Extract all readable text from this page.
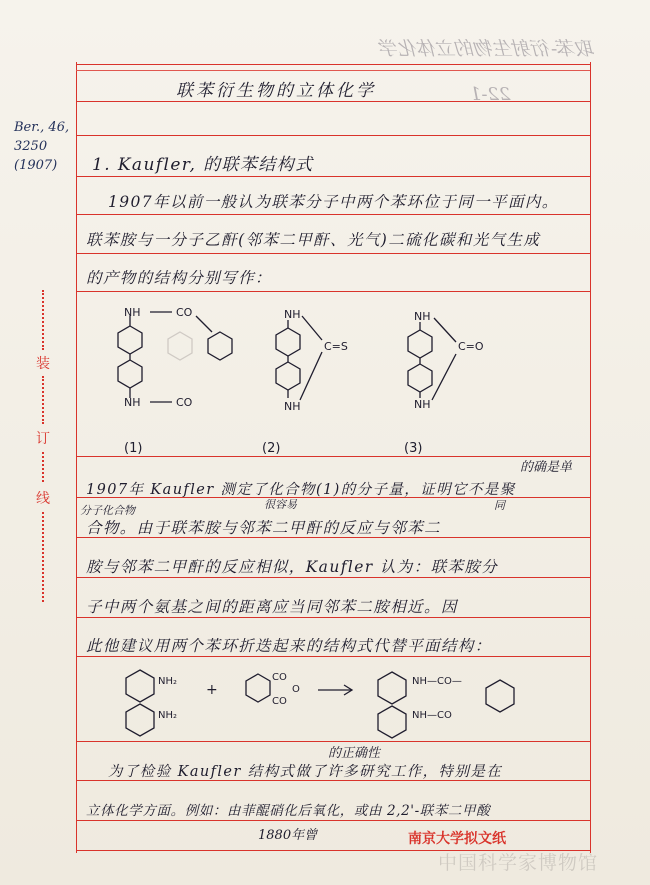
取苯-衍射生物的立体化学
22-1
Ber., 46,
3250
(1907)
装
订
线
联苯衍生物的立体化学
1. Kaufler, 的联苯结构式
1907年以前一般认为联苯分子中两个苯环位于同一平面内。
联苯胺与一分子乙酐(邻苯二甲酐、光气)二硫化碳和光气生成
的产物的结构分别写作：
NH	CO
NH	CO
NH
C=S
NH
NH
C=O
NH
(1)	(2)	(3)
的确是单
1907年 Kaufler 测定了化合物(1)的分子量，证明它不是聚
分子化合物	很容易	同
合物。由于联苯胺与邻苯二甲酐的反应与邻苯二
胺与邻苯二甲酐的反应相似，Kaufler 认为：联苯胺分
子中两个氨基之间的距离应当同邻苯二胺相近。因
此他建议用两个苯环折迭起来的结构式代替平面结构：
NH₂
NH₂
+
CO
CO
O
NH—CO—
NH—CO
的正确性
为了检验 Kaufler 结构式做了许多研究工作，特别是在
立体化学方面。例如：由菲醌硝化后氧化，或由 2,2'-联苯二甲酸
1880年曾	南京大学拟文纸
中国科学家博物馆
